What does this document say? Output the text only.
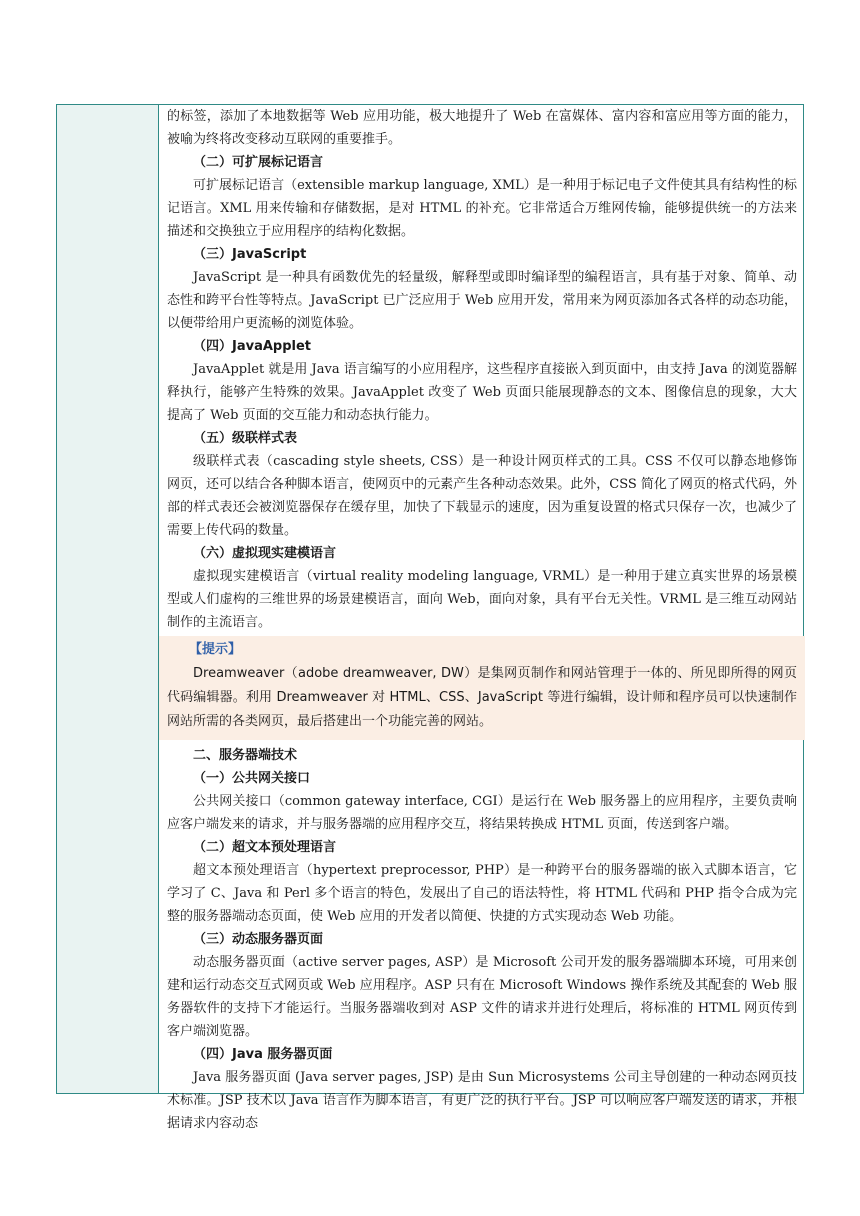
的标签，添加了本地数据等 Web 应用功能，极大地提升了 Web 在富媒体、富内容和富应用等方面的能力，被喻为终将改变移动互联网的重要推手。

（二）可扩展标记语言

可扩展标记语言（extensible markup language, XML）是一种用于标记电子文件使其具有结构性的标记语言。XML 用来传输和存储数据，是对 HTML 的补充。它非常适合万维网传输，能够提供统一的方法来描述和交换独立于应用程序的结构化数据。

（三）JavaScript

JavaScript 是一种具有函数优先的轻量级，解释型或即时编译型的编程语言，具有基于对象、简单、动态性和跨平台性等特点。JavaScript 已广泛应用于 Web 应用开发，常用来为网页添加各式各样的动态功能，以便带给用户更流畅的浏览体验。

（四）JavaApplet

JavaApplet 就是用 Java 语言编写的小应用程序，这些程序直接嵌入到页面中，由支持 Java 的浏览器解释执行，能够产生特殊的效果。JavaApplet 改变了 Web 页面只能展现静态的文本、图像信息的现象，大大提高了 Web 页面的交互能力和动态执行能力。

（五）级联样式表

级联样式表（cascading style sheets, CSS）是一种设计网页样式的工具。CSS 不仅可以静态地修饰网页，还可以结合各种脚本语言，使网页中的元素产生各种动态效果。此外，CSS 简化了网页的格式代码，外部的样式表还会被浏览器保存在缓存里，加快了下载显示的速度，因为重复设置的格式只保存一次，也减少了需要上传代码的数量。

（六）虚拟现实建模语言

虚拟现实建模语言（virtual reality modeling language, VRML）是一种用于建立真实世界的场景模型或人们虚构的三维世界的场景建模语言，面向 Web，面向对象，具有平台无关性。VRML 是三维互动网站制作的主流语言。

【提示】
Dreamweaver（adobe dreamweaver, DW）是集网页制作和网站管理于一体的、所见即所得的网页代码编辑器。利用 Dreamweaver 对 HTML、CSS、JavaScript 等进行编辑，设计师和程序员可以快速制作网站所需的各类网页，最后搭建出一个功能完善的网站。
二、服务器端技术
（一）公共网关接口

公共网关接口（common gateway interface, CGI）是运行在 Web 服务器上的应用程序，主要负责响应客户端发来的请求，并与服务器端的应用程序交互，将结果转换成 HTML 页面，传送到客户端。

（二）超文本预处理语言

超文本预处理语言（hypertext preprocessor, PHP）是一种跨平台的服务器端的嵌入式脚本语言，它学习了 C、Java 和 Perl 多个语言的特色，发展出了自己的语法特性，将 HTML 代码和 PHP 指令合成为完整的服务器端动态页面，使 Web 应用的开发者以简便、快捷的方式实现动态 Web 功能。

（三）动态服务器页面

动态服务器页面（active server pages, ASP）是 Microsoft 公司开发的服务器端脚本环境，可用来创建和运行动态交互式网页或 Web 应用程序。ASP 只有在 Microsoft Windows 操作系统及其配套的 Web 服务器软件的支持下才能运行。当服务器端收到对 ASP 文件的请求并进行处理后，将标准的 HTML 网页传到客户端浏览器。

（四）Java 服务器页面

Java 服务器页面 (Java server pages, JSP) 是由 Sun Microsystems 公司主导创建的一种动态网页技术标准。JSP 技术以 Java 语言作为脚本语言，有更广泛的执行平台。JSP 可以响应客户端发送的请求，并根据请求内容动态
